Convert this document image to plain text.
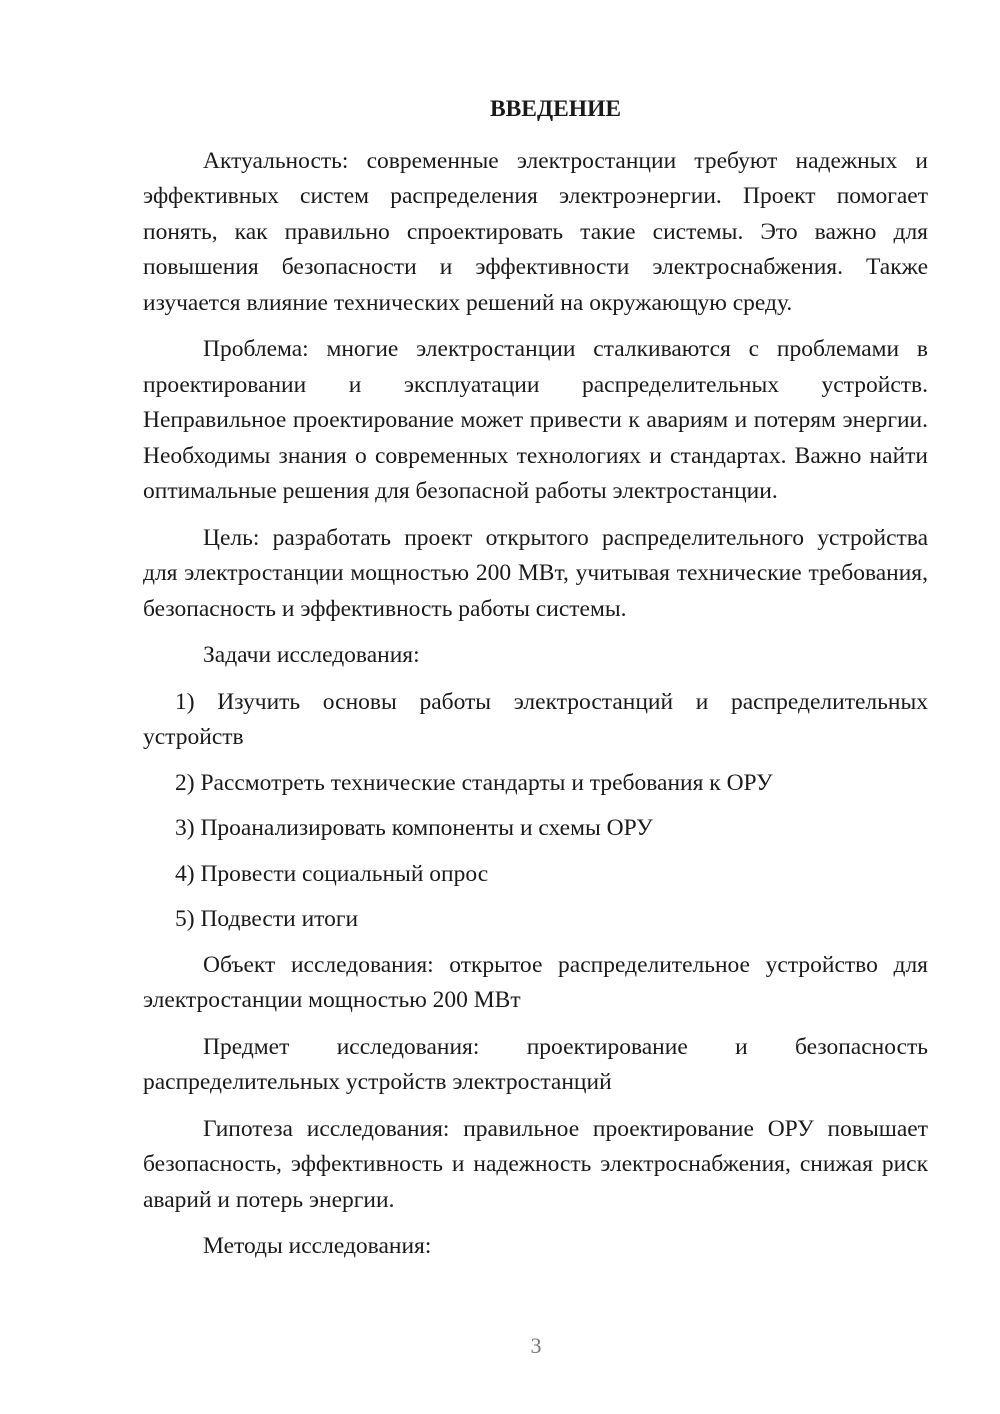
ВВЕДЕНИЕ
Актуальность: современные электростанции требуют надежных и эффективных систем распределения электроэнергии. Проект помогает понять, как правильно спроектировать такие системы. Это важно для повышения безопасности и эффективности электроснабжения. Также изучается влияние технических решений на окружающую среду.
Проблема: многие электростанции сталкиваются с проблемами в проектировании и эксплуатации распределительных устройств. Неправильное проектирование может привести к авариям и потерям энергии. Необходимы знания о современных технологиях и стандартах. Важно найти оптимальные решения для безопасной работы электростанции.
Цель: разработать проект открытого распределительного устройства для электростанции мощностью 200 МВт, учитывая технические требования, безопасность и эффективность работы системы.
Задачи исследования:
1) Изучить основы работы электростанций и распределительных устройств
2) Рассмотреть технические стандарты и требования к ОРУ
3) Проанализировать компоненты и схемы ОРУ
4) Провести социальный опрос
5) Подвести итоги
Объект исследования: открытое распределительное устройство для электростанции мощностью 200 МВт
Предмет исследования: проектирование и безопасность распределительных устройств электростанций
Гипотеза исследования: правильное проектирование ОРУ повышает безопасность, эффективность и надежность электроснабжения, снижая риск аварий и потерь энергии.
Методы исследования:
3
